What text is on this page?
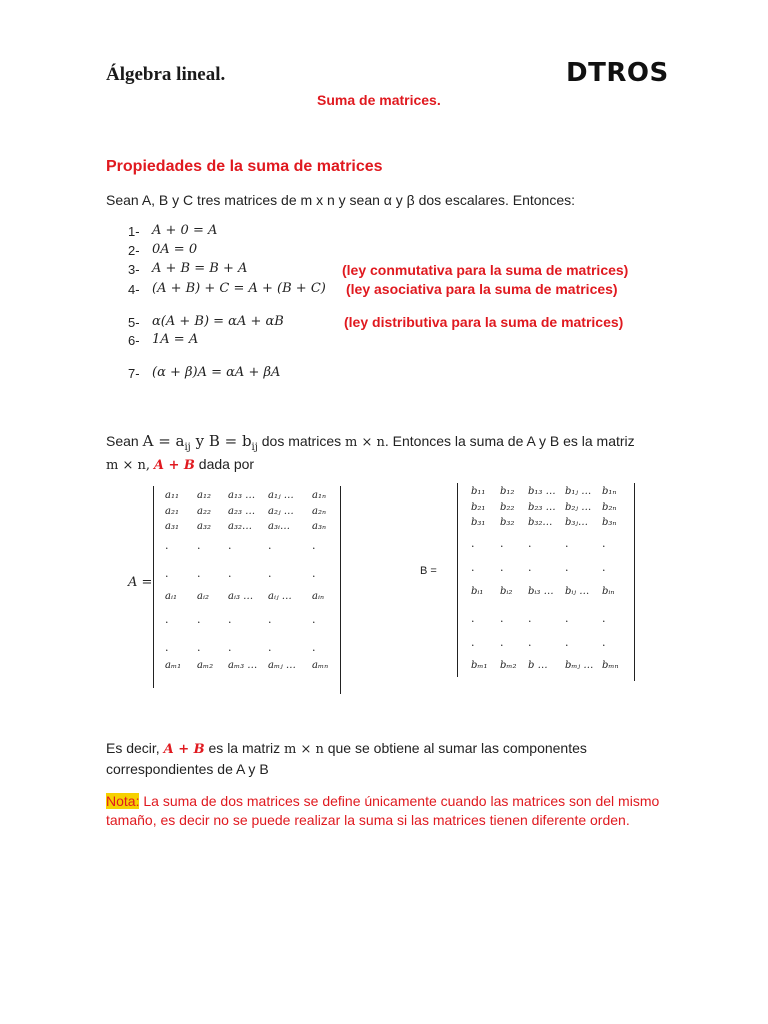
Álgebra lineal.	DTROS
Suma de matrices.
Propiedades de la suma de matrices
Sean A, B y C tres matrices de m x n y sean α y β dos escalares. Entonces:
1- A + 0 = A
2- 0A = 0
3- A + B = B + A	(ley conmutativa para la suma de matrices)
4- (A + B) + C = A + (B + C) (ley asociativa para la suma de matrices)
5- α(A + B) = αA + αB	(ley distributiva para la suma de matrices)
6- 1A = A
7- (α + β)A = αA + βA
Sean $A = a_{ij}$ y $B = b_{ij}$ dos matrices m × n. Entonces la suma de A y B es la matriz
m × n, A + B dada por
A =
a₁₁ a₁₂ a₁₃ … a₁ⱼ … a₁ₙ
a₂₁ a₂₂ a₂₃ … a₂ⱼ … a₂ₙ
a₃₁ a₃₂ a₃₂… a₃ᵢ… a₃ₙ
.	.	.	.	.
.	.	.	.	.
aᵢ₁ aᵢ₂ aᵢ₃ … aᵢⱼ … aᵢₙ
.	.	.	.	.
.	.	.	.	.
aₘ₁ aₘ₂ aₘ₃ … aₘⱼ … aₘₙ
B =
b₁₁ b₁₂ b₁₃ … b₁ⱼ … b₁ₙ
b₂₁ b₂₂ b₂₃ … b₂ⱼ … b₂ₙ
b₃₁ b₃₂ b₃₂… b₃ⱼ… b₃ₙ
. . .	.	.
. . .	.	.
bᵢ₁ bᵢ₂ bᵢ₃ … bᵢⱼ … bᵢₙ
. . .	.	.
. . .	.	.
bₘ₁ bₘ₂ b … bₘⱼ … bₘₙ
Es decir, A + B es la matriz m × n que se obtiene al sumar las componentes
correspondientes de A y B
Nota: La suma de dos matrices se define únicamente cuando las matrices son del mismo
tamaño, es decir no se puede realizar la suma si las matrices tienen diferente orden.
